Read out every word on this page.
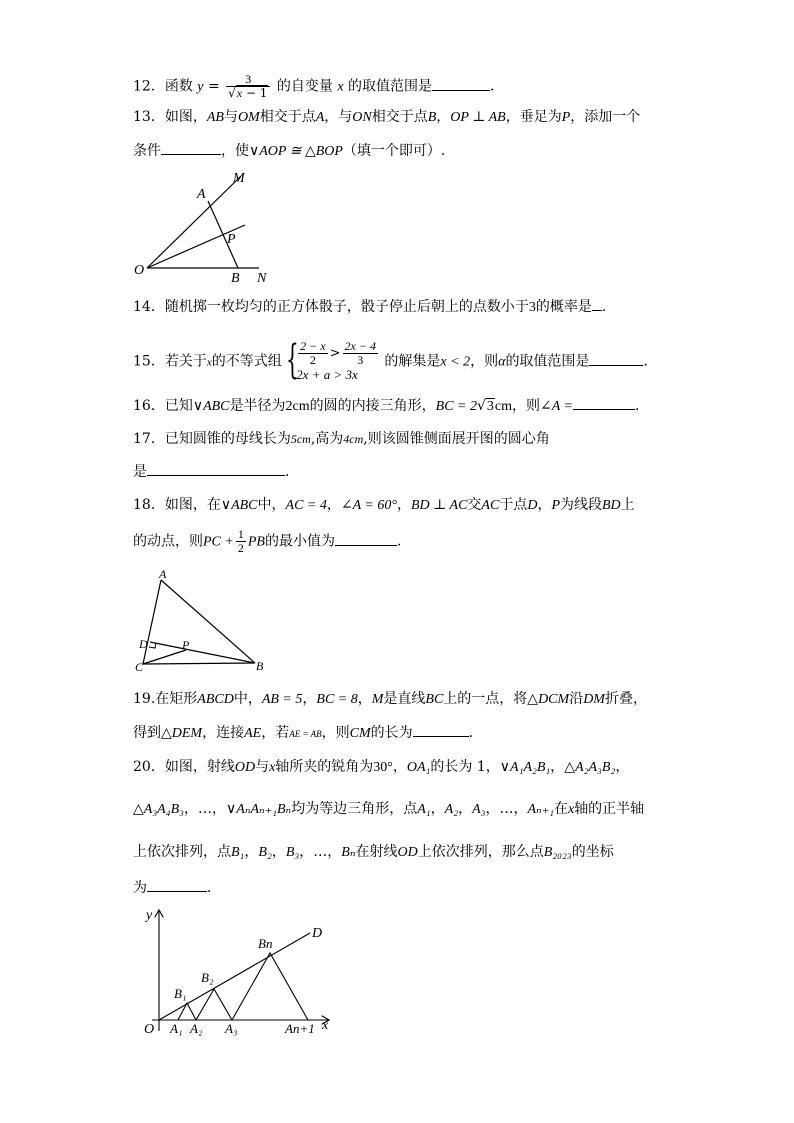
12．函数 $y = \frac{3}{√x - 1}$ 的自变量 x 的取值范围是	．
13．如图，AB与OM相交于点A，与ON相交于点B，OP ⊥ AB，垂足为P，添加一个
条件	，使∨AOP ≅ △BOP（填一个即可）.
A
M
P
O
B N
14．随机掷一枚均匀的正方体骰子，骰子停止后朝上的点数小于3的概率是 .
15．若关于x的不等式组 { $\frac{2 - x}{2} > \frac{2x - 4}{3}$
2x + a > 3x
的解集是x < 2，则α的取值范围是	．
16．已知∨ABC是半径为2cm的圆的内接三角形，BC = 2√3cm，则∠A =	．
17．已知圆锥的母线长为5cm,高为4cm,则该圆锥侧面展开图的圆心角
是	．
18．如图，在∨ABC中，AC = 4，∠A = 60°，BD ⊥ AC交AC于点D，P为线段BD上
的动点，则PC + $\frac{1}{2}$ PB的最小值为	．
A
D	P
C	B
19.在矩形ABCD中，AB = 5，BC = 8，M是直线BC上的一点，将△DCM沿DM折叠，
得到△DEM，连接AE，若AE = AB，则CM的长为	．
20．如图，射线OD与x轴所夹的锐角为30°，OA₁的长为 1，∨A₁A₂B₁，△A₂A₃B₂，
△A₃A₄B₃，…，∨AₙAₙ₊₁Bₙ均为等边三角形，点A₁，A₂，A₃，…，Aₙ₊₁在x轴的正半轴
上依次排列，点B₁，B₂，B₃，…，Bₙ在射线OD上依次排列，那么点B₂₀₂₃的坐标
为	．
y
x
O
D
Bn
B₂
B₁
A₁ A₂ A₃	An+1
